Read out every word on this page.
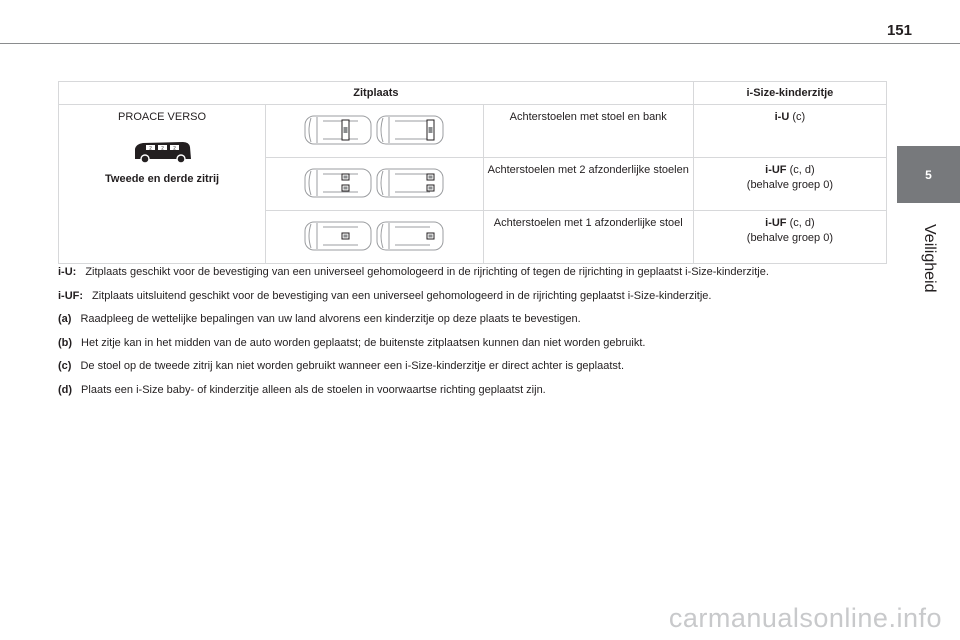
151
5
Veiligheid
Zitplaats			i-Size-kinderzitje

PROACE VERSO
2 2 2
Tweede en derde zitrij		Achterstoelen met stoel en bank	i-U (c)
	Achterstoelen met 2 afzonderlijke stoelen	i-UF (c, d)
(behalve groep 0)
	Achterstoelen met 1 afzonderlijke stoel	i-UF (c, d)
(behalve groep 0)
i-U: Zitplaats geschikt voor de bevestiging van een universeel gehomologeerd in de rijrichting of tegen de rijrichting in geplaatst i-Size-kinderzitje.
i-UF: Zitplaats uitsluitend geschikt voor de bevestiging van een universeel gehomologeerd in de rijrichting geplaatst i-Size-kinderzitje.
(a) Raadpleeg de wettelijke bepalingen van uw land alvorens een kinderzitje op deze plaats te bevestigen.
(b) Het zitje kan in het midden van de auto worden geplaatst; de buitenste zitplaatsen kunnen dan niet worden gebruikt.
(c) De stoel op de tweede zitrij kan niet worden gebruikt wanneer een i-Size-kinderzitje er direct achter is geplaatst.
(d) Plaats een i-Size baby- of kinderzitje alleen als de stoelen in voorwaartse richting geplaatst zijn.
carmanualsonline.info
